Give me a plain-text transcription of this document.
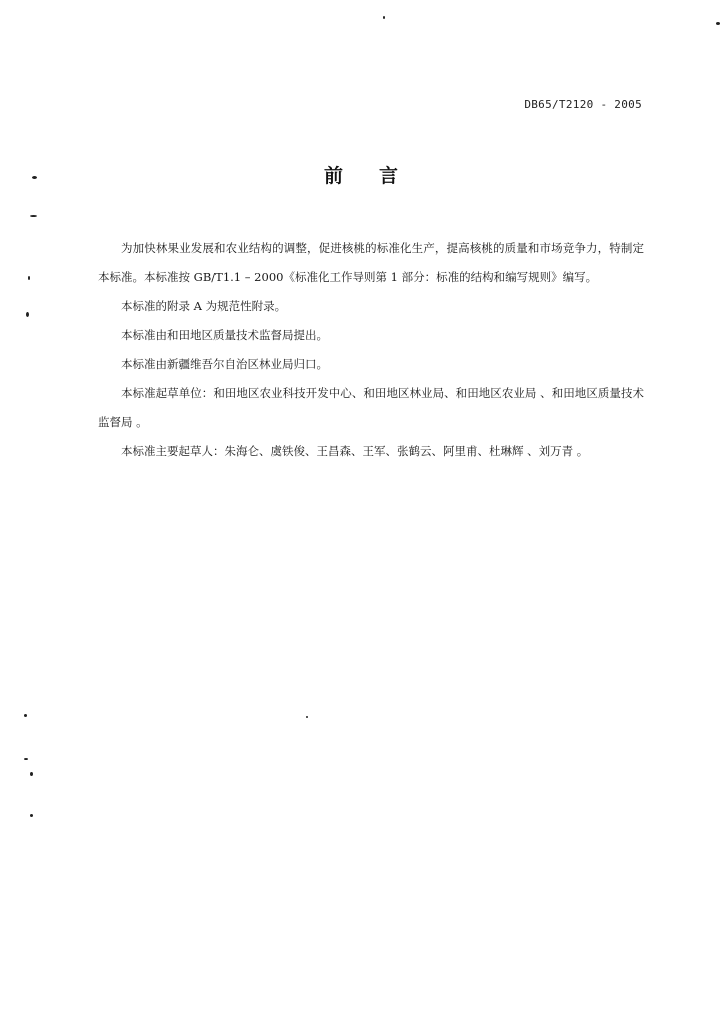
DB65/T2120 - 2005
前 言

为加快林果业发展和农业结构的调整，促进核桃的标准化生产，提高核桃的质量和市场竞争力，特制定本标准。本标准按 GB/T1.1 – 2000《标准化工作导则第 1 部分：标准的结构和编写规则》编写。

本标准的附录 A 为规范性附录。

本标准由和田地区质量技术监督局提出。

本标准由新疆维吾尔自治区林业局归口。

本标准起草单位：和田地区农业科技开发中心、和田地区林业局、和田地区农业局 、和田地区质量技术监督局 。

本标准主要起草人：朱海仑、虞铁俊、王昌森、王军、张鹤云、阿里甫、杜琳辉 、刘万青 。
